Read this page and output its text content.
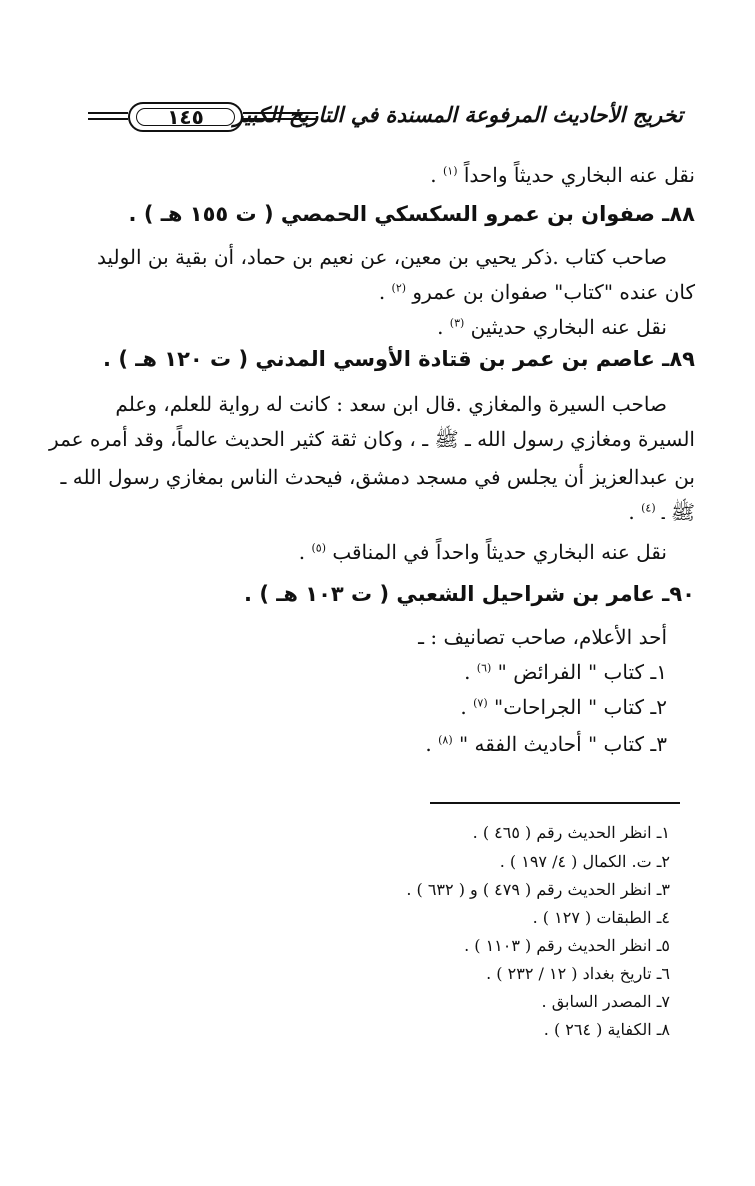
١٤٥ تخريج الأحاديث المرفوعة المسندة في التاريخ الكبير
نقل عنه البخاري حديثاً واحداً $^{(١)}$ .
٨٨ـ صفوان بن عمرو السكسكي الحمصي ( ت ١٥٥ هـ ) .
صاحب كتاب .ذكر يحيي بن معين، عن نعيم بن حماد، أن بقية بن الوليد
كان عنده "كتاب" صفوان بن عمرو $^{(٢)}$ .
نقل عنه البخاري حديثين $^{(٣)}$ .
٨٩ـ عاصم بن عمر بن قتادة الأوسي المدني ( ت ١٢٠ هـ ) .
صاحب السيرة والمغازي .قال ابن سعد : كانت له رواية للعلم، وعلم
السيرة ومغازي رسول الله ـ ﷺ ـ ، وكان ثقة كثير الحديث عالماً، وقد أمره عمر
بن عبدالعزيز أن يجلس في مسجد دمشق، فيحدث الناس بمغازي رسول الله ـ
ﷺ ـ $^{(٤)}$ .
نقل عنه البخاري حديثاً واحداً في المناقب $^{(٥)}$ .
٩٠ـ عامر بن شراحيل الشعبي ( ت ١٠٣ هـ ) .
أحد الأعلام، صاحب تصانيف : ـ
١ـ كتاب " الفرائض " $^{(٦)}$ .
٢ـ كتاب " الجراحات" $^{(٧)}$ .
٣ـ كتاب " أحاديث الفقه " $^{(٨)}$ .
١ـ انظر الحديث رقم ( ٤٦٥ ) .
٢ـ ت. الكمال ( ٤/ ١٩٧ ) .
٣ـ انظر الحديث رقم ( ٤٧٩ ) و ( ٦٣٢ ) .
٤ـ الطبقات ( ١٢٧ ) .
٥ـ انظر الحديث رقم ( ١١٠٣ ) .
٦ـ تاريخ بغداد ( ١٢ / ٢٣٢ ) .
٧ـ المصدر السابق .
٨ـ الكفاية ( ٢٦٤ ) .
